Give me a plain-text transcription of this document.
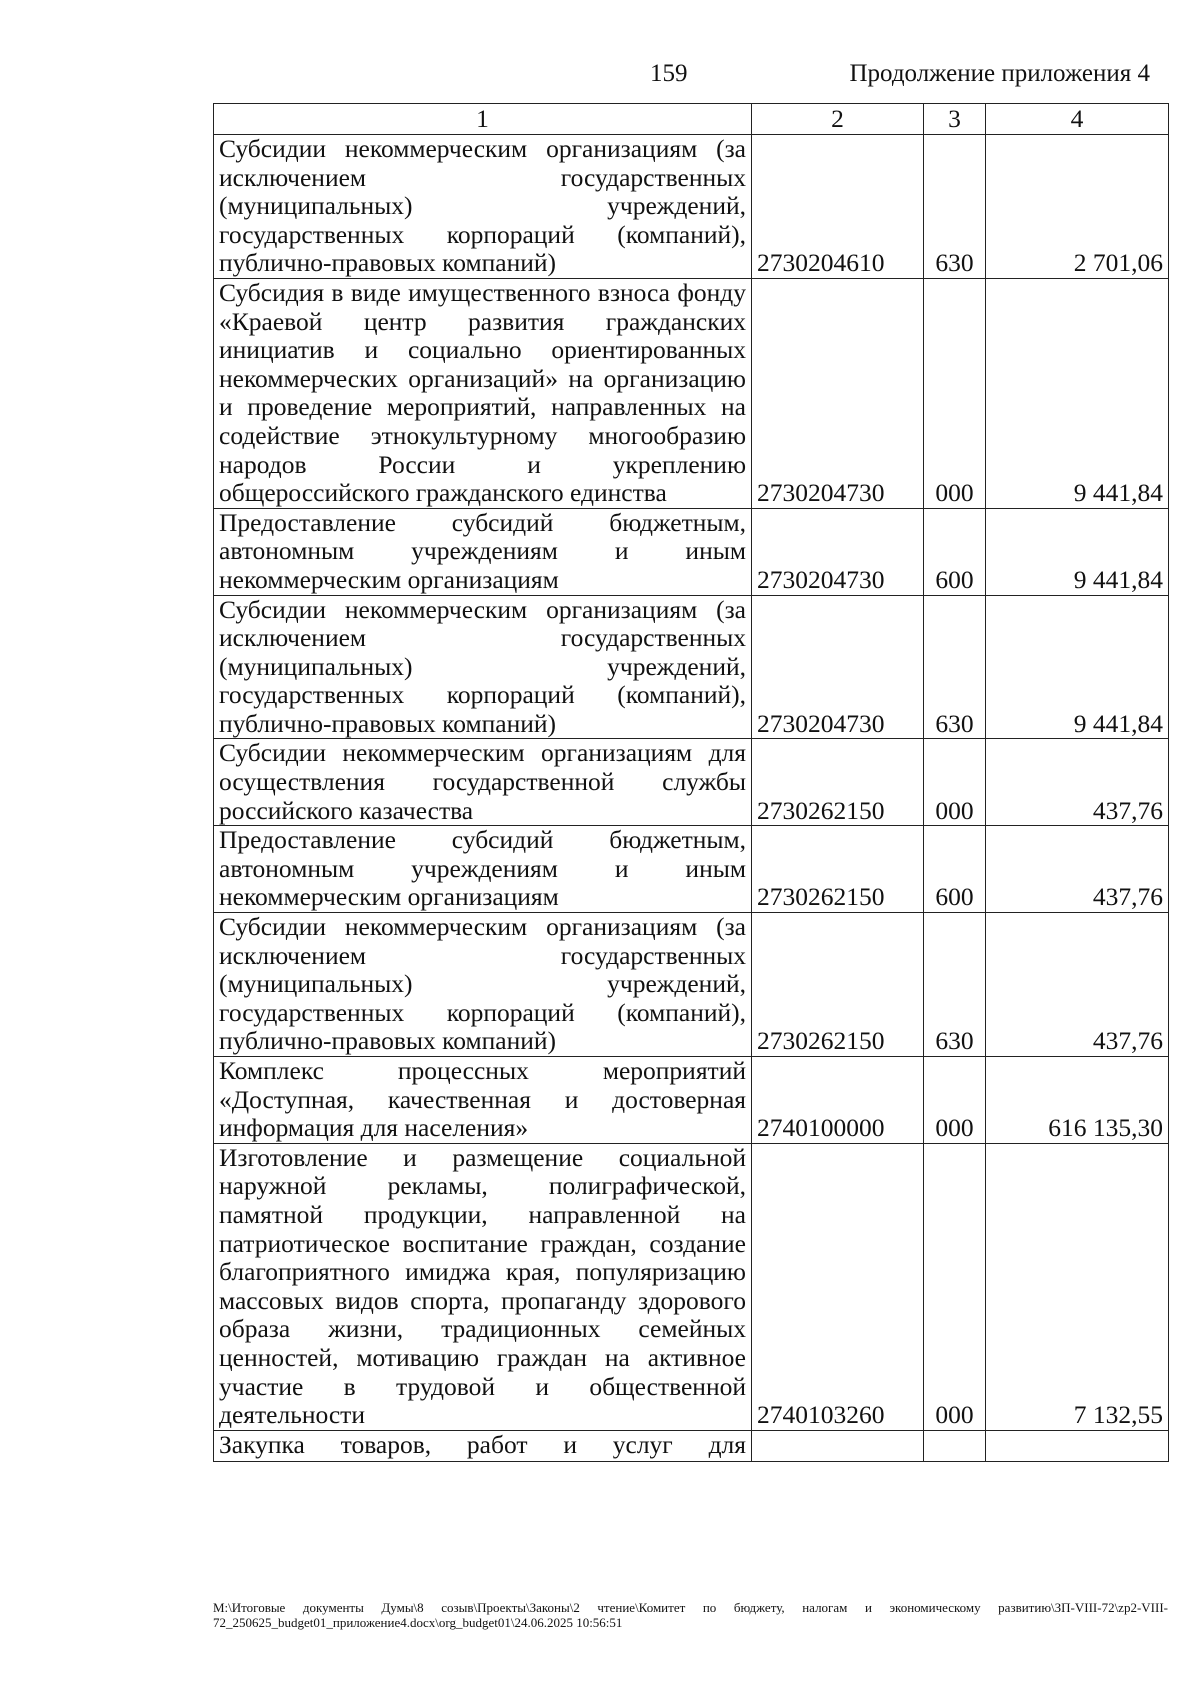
159	Продолжение приложения 4
1	2	3	4
Субсидии некоммерческим организациям (за исключением государственных (муниципальных) учреждений, государственных корпораций (компаний), публично-правовых компаний)	2730204610	630	2 701,06
Субсидия в виде имущественного взноса фонду «Краевой центр развития гражданских инициатив и социально ориентированных некоммерческих организаций» на организацию и проведение мероприятий, направленных на содействие этнокультурному многообразию народов России и укреплению общероссийского гражданского единства	2730204730	000	9 441,84
Предоставление субсидий бюджетным, автономным учреждениям и иным некоммерческим организациям	2730204730	600	9 441,84
Субсидии некоммерческим организациям (за исключением государственных (муниципальных) учреждений, государственных корпораций (компаний), публично-правовых компаний)	2730204730	630	9 441,84
Субсидии некоммерческим организациям для осуществления государственной службы российского казачества	2730262150	000	437,76
Предоставление субсидий бюджетным, автономным учреждениям и иным некоммерческим организациям	2730262150	600	437,76
Субсидии некоммерческим организациям (за исключением государственных (муниципальных) учреждений, государственных корпораций (компаний), публично-правовых компаний)	2730262150	630	437,76
Комплекс процессных мероприятий «Доступная, качественная и достоверная информация для населения»	2740100000	000	616 135,30
Изготовление и размещение социальной наружной рекламы, полиграфической, памятной продукции, направленной на патриотическое воспитание граждан, создание благоприятного имиджа края, популяризацию массовых видов спорта, пропаганду здорового образа жизни, традиционных семейных ценностей, мотивацию граждан на активное участие в трудовой и общественной деятельности	2740103260	000	7 132,55
Закупка товаров, работ и услуг для			
M:\Итоговые документы Думы\8 созыв\Проекты\Законы\2 чтение\Комитет по бюджету, налогам и экономическому развитию\ЗП-VIII-72\zp2-VIII-72_250625_budget01_приложение4.docx\org_budget01\24.06.2025 10:56:51
